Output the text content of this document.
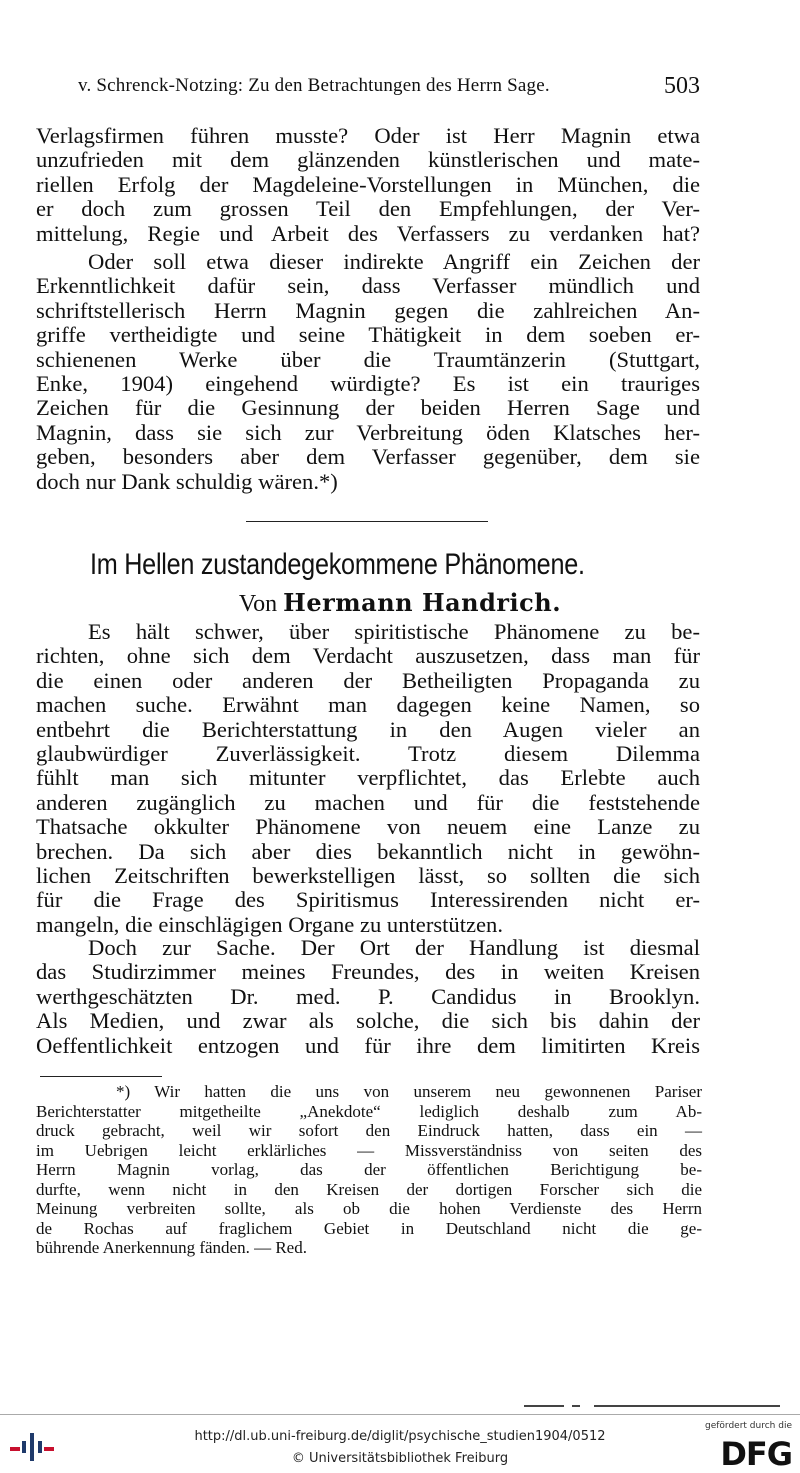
v. Schrenck-Notzing: Zu den Betrachtungen des Herrn Sage.	503
Verlagsfirmen führen musste? Oder ist Herr Magnin etwa
unzufrieden mit dem glänzenden künstlerischen und mate-
riellen Erfolg der Magdeleine-Vorstellungen in München, die
er doch zum grossen Teil den Empfehlungen, der Ver-
mittelung, Regie und Arbeit des Verfassers zu verdanken hat?
Oder soll etwa dieser indirekte Angriff ein Zeichen der
Erkenntlichkeit dafür sein, dass Verfasser mündlich und
schriftstellerisch Herrn Magnin gegen die zahlreichen An-
griffe vertheidigte und seine Thätigkeit in dem soeben er-
schienenen Werke über die Traumtänzerin (Stuttgart,
Enke, 1904) eingehend würdigte? Es ist ein trauriges
Zeichen für die Gesinnung der beiden Herren Sage und
Magnin, dass sie sich zur Verbreitung öden Klatsches her-
geben, besonders aber dem Verfasser gegenüber, dem sie
doch nur Dank schuldig wären.*)
Im Hellen zustandegekommene Phänomene.
Von Hermann Handrich.
Es hält schwer, über spiritistische Phänomene zu be-
richten, ohne sich dem Verdacht auszusetzen, dass man für
die einen oder anderen der Betheiligten Propaganda zu
machen suche. Erwähnt man dagegen keine Namen, so
entbehrt die Berichterstattung in den Augen vieler an
glaubwürdiger Zuverlässigkeit. Trotz diesem Dilemma
fühlt man sich mitunter verpflichtet, das Erlebte auch
anderen zugänglich zu machen und für die feststehende
Thatsache okkulter Phänomene von neuem eine Lanze zu
brechen. Da sich aber dies bekanntlich nicht in gewöhn-
lichen Zeitschriften bewerkstelligen lässt, so sollten die sich
für die Frage des Spiritismus Interessirenden nicht er-
mangeln, die einschlägigen Organe zu unterstützen.
Doch zur Sache. Der Ort der Handlung ist diesmal
das Studirzimmer meines Freundes, des in weiten Kreisen
werthgeschätzten Dr. med. P. Candidus in Brooklyn.
Als Medien, und zwar als solche, die sich bis dahin der
Oeffentlichkeit entzogen und für ihre dem limitirten Kreis
*) Wir hatten die uns von unserem neu gewonnenen Pariser
Berichterstatter mitgetheilte „Anekdote“ lediglich deshalb zum Ab-
druck gebracht, weil wir sofort den Eindruck hatten, dass ein —
im Uebrigen leicht erklärliches — Missverständniss von seiten des
Herrn Magnin vorlag, das der öffentlichen Berichtigung be-
durfte, wenn nicht in den Kreisen der dortigen Forscher sich die
Meinung verbreiten sollte, als ob die hohen Verdienste des Herrn
de Rochas auf fraglichem Gebiet in Deutschland nicht die ge-
bührende Anerkennung fänden. — Red.
http://dl.ub.uni-freiburg.de/diglit/psychische_studien1904/0512
© Universitätsbibliothek Freiburg
gefördert durch die
DFG
